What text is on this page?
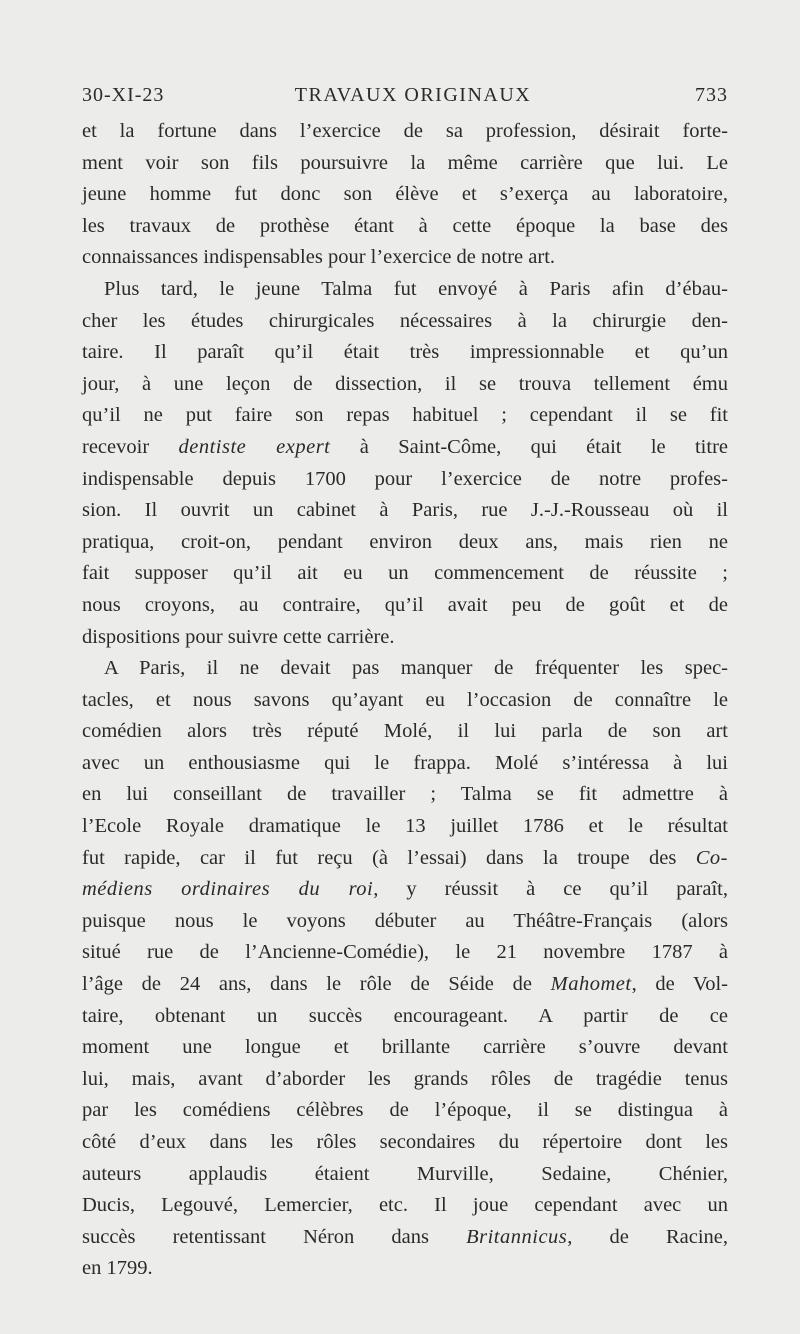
30-XI-23	TRAVAUX ORIGINAUX	733
et la fortune dans l’exercice de sa profession, désirait forte-
ment voir son fils poursuivre la même carrière que lui. Le
jeune homme fut donc son élève et s’exerça au laboratoire,
les travaux de prothèse étant à cette époque la base des
connaissances indispensables pour l’exercice de notre art.
Plus tard, le jeune Talma fut envoyé à Paris afin d’ébau-
cher les études chirurgicales nécessaires à la chirurgie den-
taire. Il paraît qu’il était très impressionnable et qu’un
jour, à une leçon de dissection, il se trouva tellement ému
qu’il ne put faire son repas habituel ; cependant il se fit
recevoir dentiste expert à Saint-Côme, qui était le titre
indispensable depuis 1700 pour l’exercice de notre profes-
sion. Il ouvrit un cabinet à Paris, rue J.-J.-Rousseau où il
pratiqua, croit-on, pendant environ deux ans, mais rien ne
fait supposer qu’il ait eu un commencement de réussite ;
nous croyons, au contraire, qu’il avait peu de goût et de
dispositions pour suivre cette carrière.
A Paris, il ne devait pas manquer de fréquenter les spec-
tacles, et nous savons qu’ayant eu l’occasion de connaître le
comédien alors très réputé Molé, il lui parla de son art
avec un enthousiasme qui le frappa. Molé s’intéressa à lui
en lui conseillant de travailler ; Talma se fit admettre à
l’Ecole Royale dramatique le 13 juillet 1786 et le résultat
fut rapide, car il fut reçu (à l’essai) dans la troupe des Co-
médiens ordinaires du roi, y réussit à ce qu’il paraît,
puisque nous le voyons débuter au Théâtre-Français (alors
situé rue de l’Ancienne-Comédie), le 21 novembre 1787 à
l’âge de 24 ans, dans le rôle de Séide de Mahomet, de Vol-
taire, obtenant un succès encourageant. A partir de ce
moment une longue et brillante carrière s’ouvre devant
lui, mais, avant d’aborder les grands rôles de tragédie tenus
par les comédiens célèbres de l’époque, il se distingua à
côté d’eux dans les rôles secondaires du répertoire dont les
auteurs applaudis étaient Murville, Sedaine, Chénier,
Ducis, Legouvé, Lemercier, etc. Il joue cependant avec un
succès retentissant Néron dans Britannicus, de Racine,
en 1799.
